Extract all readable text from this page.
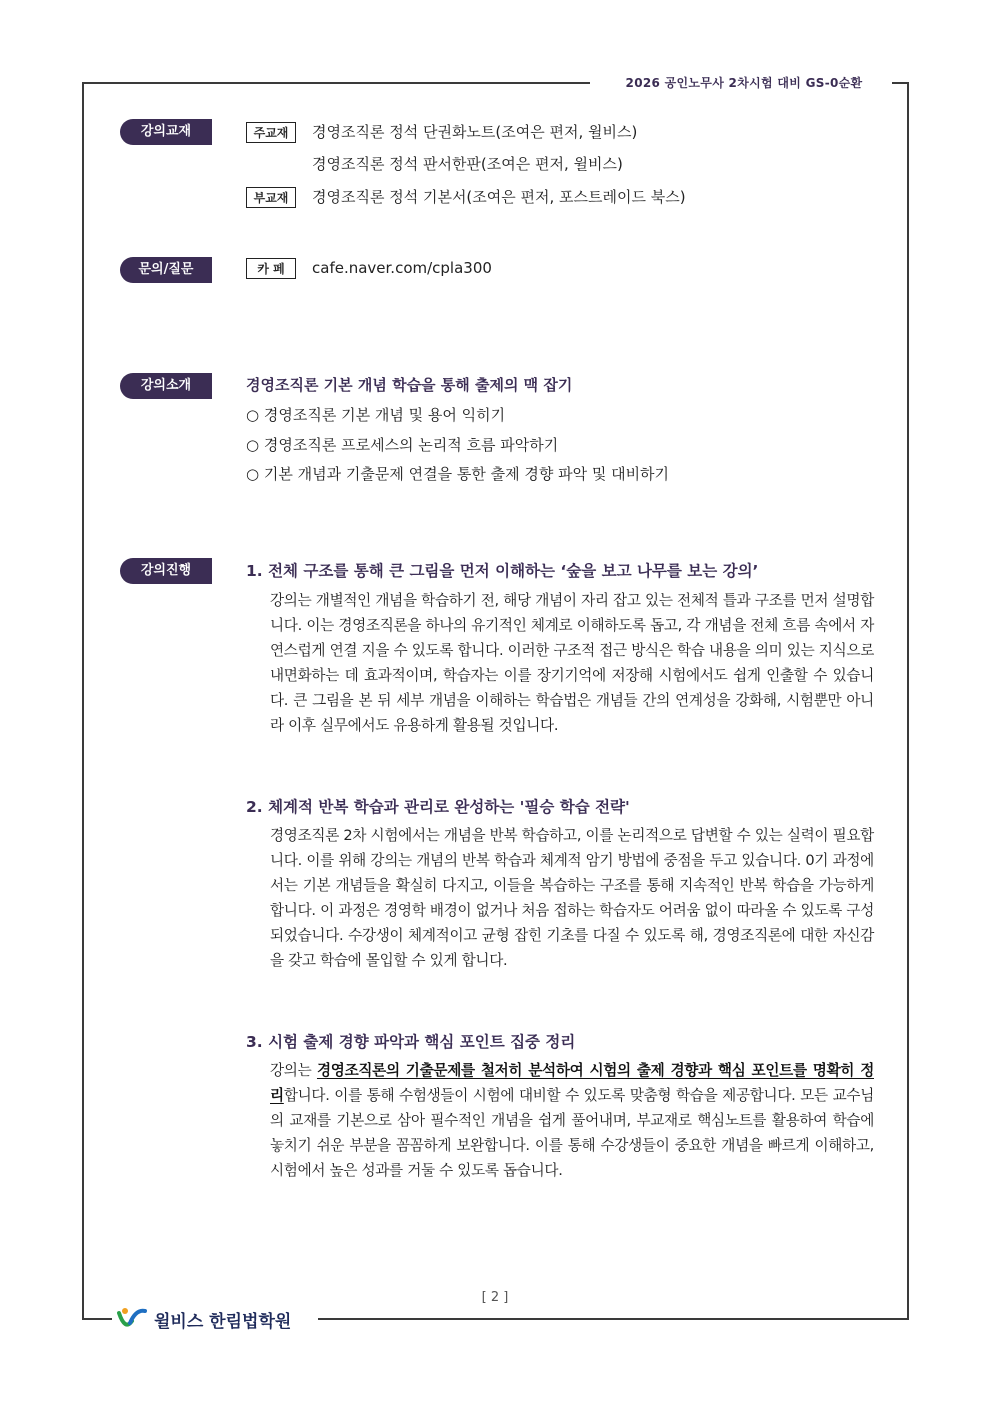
2026 공인노무사 2차시험 대비 GS-0순환
강의교재	주교재	경영조직론 정석 단권화노트(조여은 편저, 윌비스)
경영조직론 정석 판서한판(조여은 편저, 윌비스)
부교재	경영조직론 정석 기본서(조여은 편저, 포스트레이드 북스)
문의/질문	카 페	cafe.naver.com/cpla300
강의소개	경영조직론 기본 개념 학습을 통해 출제의 맥 잡기
○ 경영조직론 기본 개념 및 용어 익히기
○ 경영조직론 프로세스의 논리적 흐름 파악하기
○ 기본 개념과 기출문제 연결을 통한 출제 경향 파악 및 대비하기
강의진행	1. 전체 구조를 통해 큰 그림을 먼저 이해하는 ‘숲을 보고 나무를 보는 강의’
강의는 개별적인 개념을 학습하기 전, 해당 개념이 자리 잡고 있는 전체적 틀과 구조를 먼저 설명합니다. 이는 경영조직론을 하나의 유기적인 체계로 이해하도록 돕고, 각 개념을 전체 흐름 속에서 자연스럽게 연결 지을 수 있도록 합니다. 이러한 구조적 접근 방식은 학습 내용을 의미 있는 지식으로 내면화하는 데 효과적이며, 학습자는 이를 장기기억에 저장해 시험에서도 쉽게 인출할 수 있습니다. 큰 그림을 본 뒤 세부 개념을 이해하는 학습법은 개념들 간의 연계성을 강화해, 시험뿐만 아니라 이후 실무에서도 유용하게 활용될 것입니다.
2. 체계적 반복 학습과 관리로 완성하는 '필승 학습 전략'
경영조직론 2차 시험에서는 개념을 반복 학습하고, 이를 논리적으로 답변할 수 있는 실력이 필요합니다. 이를 위해 강의는 개념의 반복 학습과 체계적 암기 방법에 중점을 두고 있습니다. 0기 과정에서는 기본 개념들을 확실히 다지고, 이들을 복습하는 구조를 통해 지속적인 반복 학습을 가능하게 합니다. 이 과정은 경영학 배경이 없거나 처음 접하는 학습자도 어려움 없이 따라올 수 있도록 구성되었습니다. 수강생이 체계적이고 균형 잡힌 기초를 다질 수 있도록 해, 경영조직론에 대한 자신감을 갖고 학습에 몰입할 수 있게 합니다.
3. 시험 출제 경향 파악과 핵심 포인트 집중 정리
강의는 경영조직론의 기출문제를 철저히 분석하여 시험의 출제 경향과 핵심 포인트를 명확히 정리합니다. 이를 통해 수험생들이 시험에 대비할 수 있도록 맞춤형 학습을 제공합니다. 모든 교수님의 교재를 기본으로 삼아 필수적인 개념을 쉽게 풀어내며, 부교재로 핵심노트를 활용하여 학습에 놓치기 쉬운 부분을 꼼꼼하게 보완합니다. 이를 통해 수강생들이 중요한 개념을 빠르게 이해하고, 시험에서 높은 성과를 거둘 수 있도록 돕습니다.
[ 2 ]
윌비스 한림법학원
